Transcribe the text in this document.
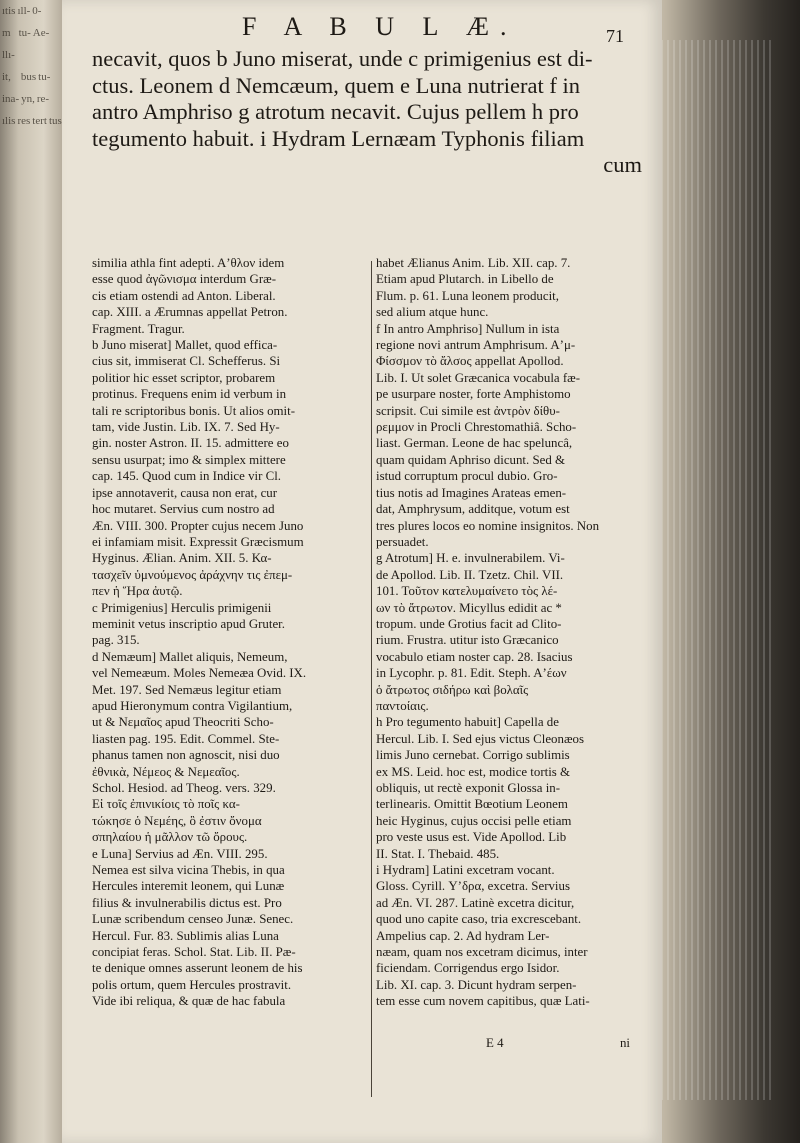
ıtis ıll- 0-m tu- Ae-llı-it, bus tu-ina- yn, re-ılis res tert tus
F A B U L Æ.	71
necavit, quos b Juno miserat, unde c primigenius est di-
ctus. Leonem d Nemcæum, quem e Luna nutrierat f in
antro Amphriso g atrotum necavit. Cujus pellem h pro
tegumento habuit. i Hydram Lernæam Typhonis filiam
cum
similia athla fint adepti. Aʼθλον idem
esse quod ἀγῶνισμα interdum Græ-
cis etiam ostendi ad Anton. Liberal.
cap. XIII. a Ærumnas appellat Petron.
Fragment. Tragur.
b Juno miserat] Mallet, quod effica-
cius sit, immiserat Cl. Schefferus. Si
politior hic esset scriptor, probarem
protinus. Frequens enim id verbum in
tali re scriptoribus bonis. Ut alios omit-
tam, vide Justin. Lib. IX. 7. Sed Hy-
gin. noster Astron. II. 15. admittere eo
sensu usurpat; imo & simplex mittere
cap. 145. Quod cum in Indice vir Cl.
ipse annotaverit, causa non erat, cur
hoc mutaret. Servius cum nostro ad
Æn. VIII. 300. Propter cujus necem Juno
ei infamiam misit. Expressit Græcismum
Hyginus. Ælian. Anim. XII. 5. Κα-
τασχεῖν ὑμνούμενος ἀράχνην τις ἐπεμ-
πεν ἡ Ἥρα ἀυτῷ.
c Primigenius] Herculis primigenii
meminit vetus inscriptio apud Gruter.
pag. 315.
d Nemæum] Mallet aliquis, Nemeum,
vel Nemeæum. Moles Nemeæa Ovid. IX.
Met. 197. Sed Nemæus legitur etiam
apud Hieronymum contra Vigilantium,
ut & Νεμαῖος apud Theocriti Scho-
liasten pag. 195. Edit. Commel. Ste-
phanus tamen non agnoscit, nisi duo
ἐθνικὰ, Νέμεος & Νεμεαῖος.
Schol. Hesiod. ad Theog. vers. 329.
Εἰ τοῖς ἐπινικίοις τὸ ποῖς κα-
τώκησε ὁ Νεμέης, ὃ ἐστιν ὄνομα
σπηλαίου ἡ μᾶλλον τῶ ὄρους.
e Luna] Servius ad Æn. VIII. 295.
Nemea est silva vicina Thebis, in qua
Hercules interemit leonem, qui Lunæ
filius & invulnerabilis dictus est. Pro
Lunæ scribendum censeo Junæ. Senec.
Hercul. Fur. 83. Sublimis alias Luna
concipiat feras. Schol. Stat. Lib. II. Pæ-
te denique omnes asserunt leonem de his
polis ortum, quem Hercules prostravit.
Vide ibi reliqua, & quæ de hac fabula
habet Ælianus Anim. Lib. XII. cap. 7.
Etiam apud Plutarch. in Libello de
Flum. p. 61. Luna leonem producit,
sed alium atque hunc.
f In antro Amphriso] Nullum in ista
regione novi antrum Amphrisum. Aʼμ-
Φίσσμον τὸ ἄλσος appellat Apollod.
Lib. I. Ut solet Græcanica vocabula fæ-
pe usurpare noster, forte Amphistomo
scripsit. Cui simile est ἀντρὸν δίθυ-
ρεμμον in Procli Chrestomathiâ. Scho-
liast. German. Leone de hac speluncâ,
quam quidam Aphriso dicunt. Sed &
istud corruptum procul dubio. Gro-
tius notis ad Imagines Arateas emen-
dat, Amphrysum, additque, votum est
tres plures locos eo nomine insignitos. Non
persuadet.
g Atrotum] H. e. invulnerabilem. Vi-
de Apollod. Lib. II. Tzetz. Chil. VII.
101. Τοῦτον κατελυμαίνετο τὸς λέ-
ων τὸ ἄτρωτον. Micyllus edidit ac *
tropum. unde Grotius facit ad Clito-
rium. Frustra. utitur isto Græcanico
vocabulo etiam noster cap. 28. Isacius
in Lycophr. p. 81. Edit. Steph. Aʼέων
ὁ ἄτρωτος σιδήρω καὶ βολαῖς
παντοίαις.
h Pro tegumento habuit] Capella de
Hercul. Lib. I. Sed ejus victus Cleonæos
limis Juno cernebat. Corrigo sublimis
ex MS. Leid. hoc est, modice tortis &
obliquis, ut rectè exponit Glossa in-
terlinearis. Omittit Bœotium Leonem
heic Hyginus, cujus occisi pelle etiam
pro veste usus est. Vide Apollod. Lib
II. Stat. I. Thebaid. 485.
i Hydram] Latini excetram vocant.
Gloss. Cyrill. Υʼδρα, excetra. Servius
ad Æn. VI. 287. Latinè excetra dicitur,
quod uno capite caso, tria excrescebant.
Ampelius cap. 2. Ad hydram Ler-
næam, quam nos excetram dicimus, inter
ficiendam. Corrigendus ergo Isidor.
Lib. XI. cap. 3. Dicunt hydram serpen-
tem esse cum novem capitibus, quæ Lati-
E 4	ni
